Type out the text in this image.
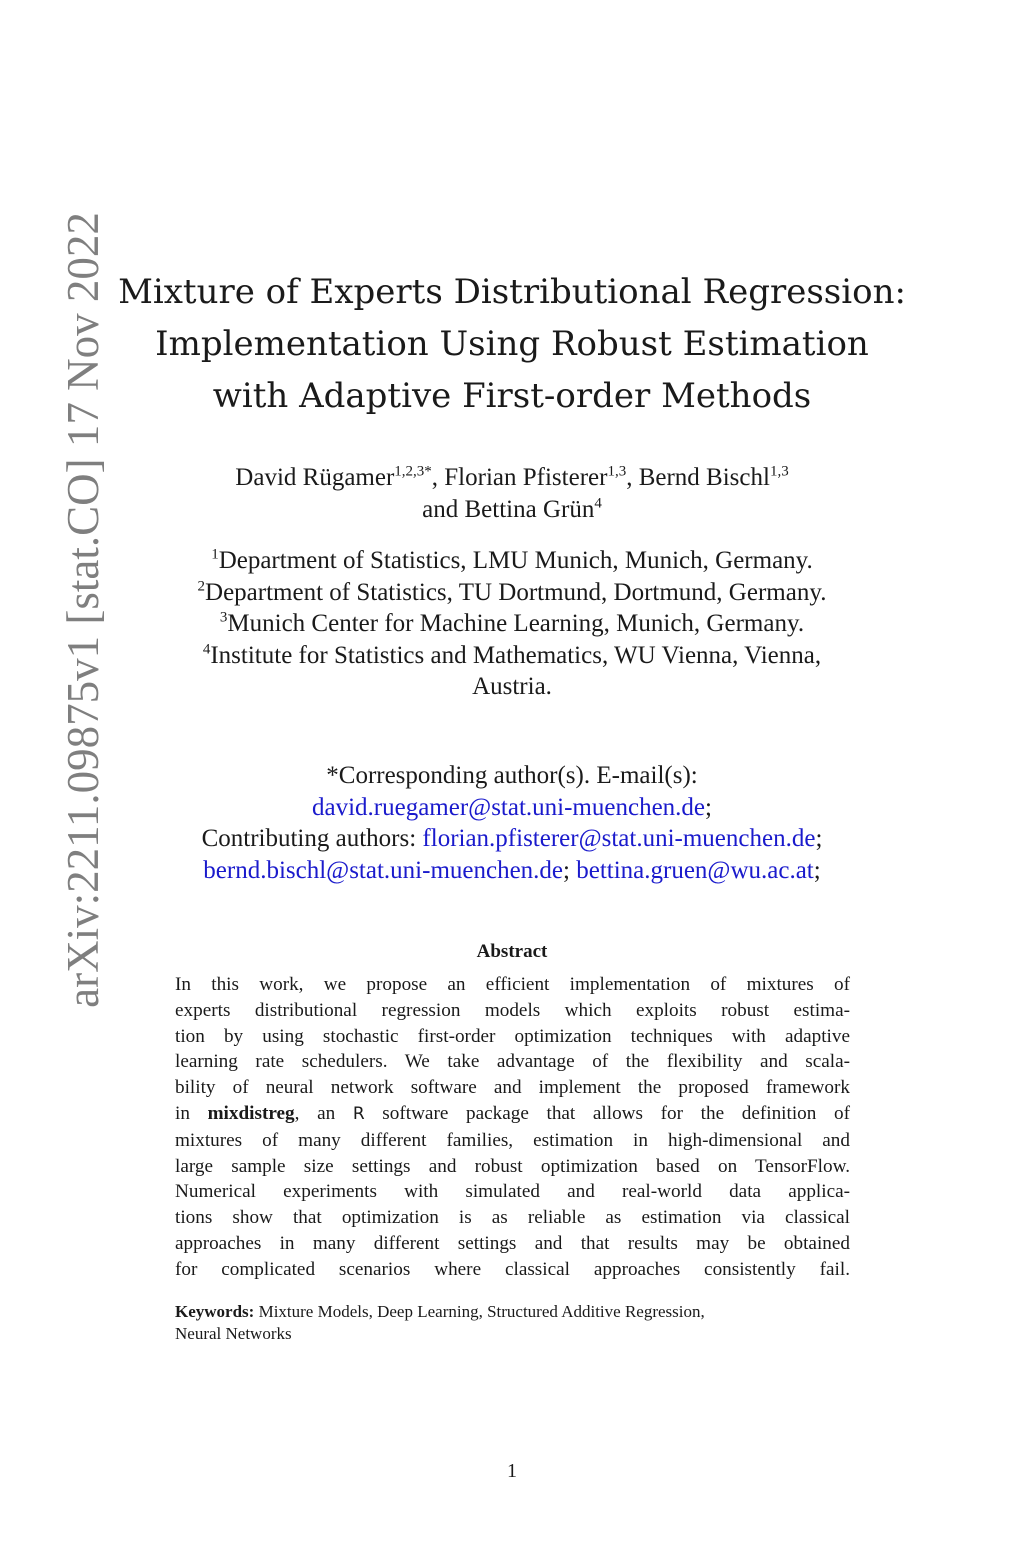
arXiv:2211.09875v1 [stat.CO] 17 Nov 2022 Mixture of Experts Distributional Regression:
Implementation Using Robust Estimation
with Adaptive First-order Methods
David Rügamer$^{1,2,3*}$, Florian Pfisterer$^{1,3}$, Bernd Bischl$^{1,3}$
and Bettina Grün$^4$
$^1$Department of Statistics, LMU Munich, Munich, Germany.
$^2$Department of Statistics, TU Dortmund, Dortmund, Germany.
$^3$Munich Center for Machine Learning, Munich, Germany.
$^4$Institute for Statistics and Mathematics, WU Vienna, Vienna,
Austria.
*Corresponding author(s). E-mail(s):
david.ruegamer@stat.uni-muenchen.de;
Contributing authors: florian.pfisterer@stat.uni-muenchen.de;
bernd.bischl@stat.uni-muenchen.de; bettina.gruen@wu.ac.at;
Abstract
In this work, we propose an efficient implementation of mixtures of
experts distributional regression models which exploits robust estima-
tion by using stochastic first-order optimization techniques with adaptive
learning rate schedulers. We take advantage of the flexibility and scala-
bility of neural network software and implement the proposed framework
in mixdistreg, an R software package that allows for the definition of
mixtures of many different families, estimation in high-dimensional and
large sample size settings and robust optimization based on TensorFlow.
Numerical experiments with simulated and real-world data applica-
tions show that optimization is as reliable as estimation via classical
approaches in many different settings and that results may be obtained
for complicated scenarios where classical approaches consistently fail.
Keywords: Mixture Models, Deep Learning, Structured Additive Regression,
Neural Networks
1
